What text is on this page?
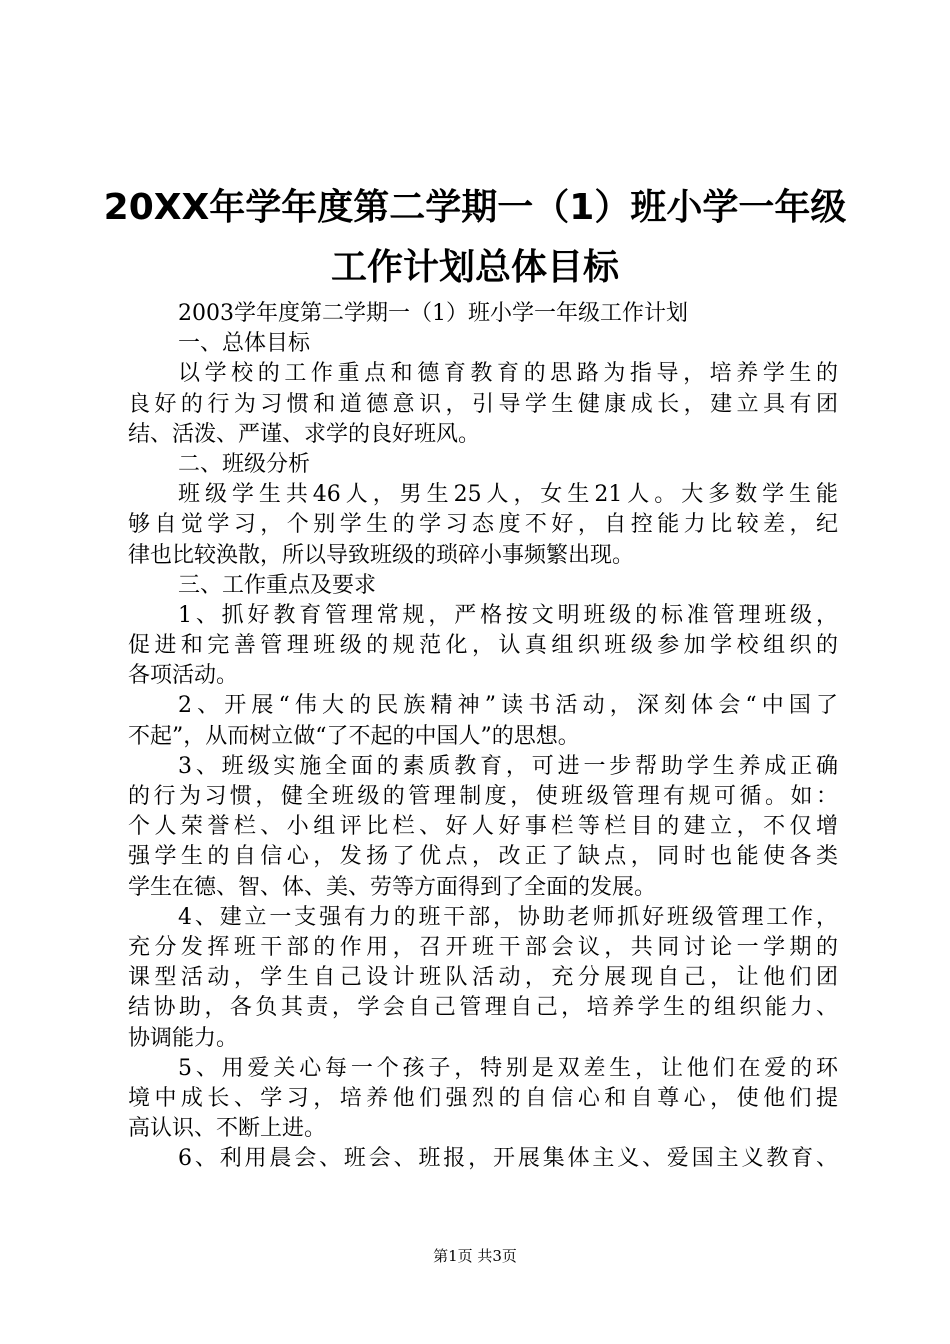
20XX年学年度第二学期一（1）班小学一年级
工作计划总体目标
2003学年度第二学期一（1）班小学一年级工作计划
一、总体目标
以学校的工作重点和德育教育的思路为指导，培养学生的
良好的行为习惯和道德意识，引导学生健康成长，建立具有团
结、活泼、严谨、求学的良好班风。
二、班级分析
班级学生共46人，男生25人，女生21人。大多数学生能
够自觉学习，个别学生的学习态度不好，自控能力比较差，纪
律也比较涣散，所以导致班级的琐碎小事频繁出现。
三、工作重点及要求
1、抓好教育管理常规，严格按文明班级的标准管理班级，
促进和完善管理班级的规范化，认真组织班级参加学校组织的
各项活动。
2、开展“伟大的民族精神”读书活动，深刻体会“中国了
不起”，从而树立做“了不起的中国人”的思想。
3、班级实施全面的素质教育，可进一步帮助学生养成正确
的行为习惯，健全班级的管理制度，使班级管理有规可循。如：
个人荣誉栏、小组评比栏、好人好事栏等栏目的建立，不仅增
强学生的自信心，发扬了优点，改正了缺点，同时也能使各类
学生在德、智、体、美、劳等方面得到了全面的发展。
4、建立一支强有力的班干部，协助老师抓好班级管理工作，
充分发挥班干部的作用，召开班干部会议，共同讨论一学期的
课型活动，学生自己设计班队活动，充分展现自己，让他们团
结协助，各负其责，学会自己管理自己，培养学生的组织能力、
协调能力。
5、用爱关心每一个孩子，特别是双差生，让他们在爱的环
境中成长、学习，培养他们强烈的自信心和自尊心，使他们提
高认识、不断上进。
6、利用晨会、班会、班报，开展集体主义、爱国主义教育、
第1页 共3页
